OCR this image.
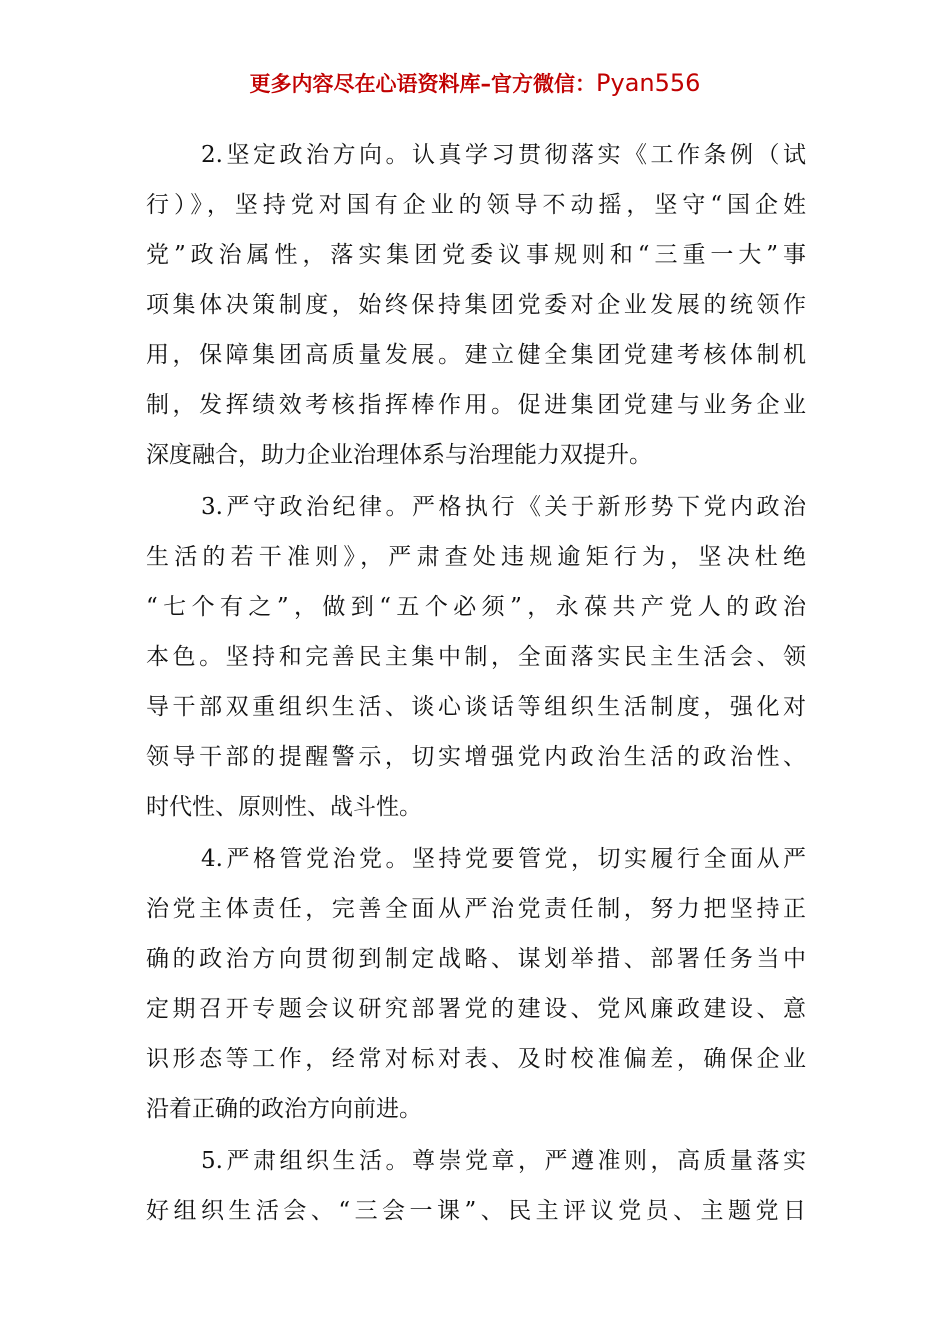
更多内容尽在心语资料库–官方微信：Pyan556
2.坚定政治方向。认真学习贯彻落实《工作条例（试
行）》，坚持党对国有企业的领导不动摇，坚守“国企姓
党”政治属性，落实集团党委议事规则和“三重一大”事
项集体决策制度，始终保持集团党委对企业发展的统领作
用，保障集团高质量发展。建立健全集团党建考核体制机
制，发挥绩效考核指挥棒作用。促进集团党建与业务企业
深度融合，助力企业治理体系与治理能力双提升。
3.严守政治纪律。严格执行《关于新形势下党内政治
生活的若干准则》，严肃查处违规逾矩行为，坚决杜绝
“七个有之”，做到“五个必须”，永葆共产党人的政治
本色。坚持和完善民主集中制，全面落实民主生活会、领
导干部双重组织生活、谈心谈话等组织生活制度，强化对
领导干部的提醒警示，切实增强党内政治生活的政治性、
时代性、原则性、战斗性。
4.严格管党治党。坚持党要管党，切实履行全面从严
治党主体责任，完善全面从严治党责任制，努力把坚持正
确的政治方向贯彻到制定战略、谋划举措、部署任务当中
定期召开专题会议研究部署党的建设、党风廉政建设、意
识形态等工作，经常对标对表、及时校准偏差，确保企业
沿着正确的政治方向前进。
5.严肃组织生活。尊崇党章，严遵准则，高质量落实
好组织生活会、“三会一课”、民主评议党员、主题党日
